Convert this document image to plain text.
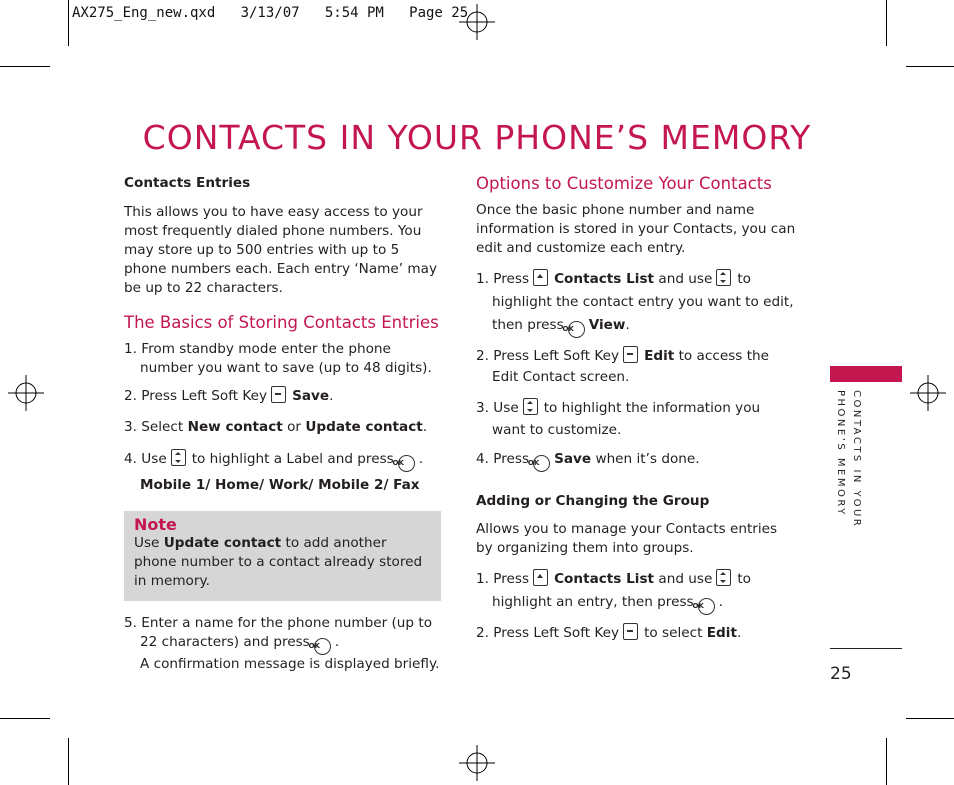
AX275_Eng_new.qxd   3/13/07   5:54 PM   Page 25
CONTACTS IN YOUR PHONE’S MEMORY

Contacts Entries

This allows you to have easy access to your most frequently dialed phone numbers. You may store up to 500 entries with up to 5 phone numbers each. Each entry ‘Name’ may be up to 22 characters.

The Basics of Storing Contacts Entries

1. From standby mode enter the phone number you want to save (up to 48 digits).

2. Press Left Soft Key Save.

3. Select New contact or Update contact.

4. Use to highlight a Label and pressOK .

Mobile 1/ Home/ Work/ Mobile 2/ Fax

Note

Use Update contact to add another phone number to a contact already stored in memory.

5. Enter a name for the phone number (up to 22 characters) and pressOK .

A confirmation message is displayed briefly.

Options to Customize Your Contacts

Once the basic phone number and name information is stored in your Contacts, you can edit and customize each entry.

1. Press Contacts List and use to highlight the contact entry you want to edit, then pressOK View.

2. Press Left Soft Key Edit to access the Edit Contact screen.

3. Use to highlight the information you want to customize.

4. PressOK Save when it’s done.

Adding or Changing the Group

Allows you to manage your Contacts entries by organizing them into groups.

1. Press Contacts List and use to highlight an entry, then pressOK .

2. Press Left Soft Key to select Edit.

CONTACTS IN YOUR
PHONE’S MEMORY
25
